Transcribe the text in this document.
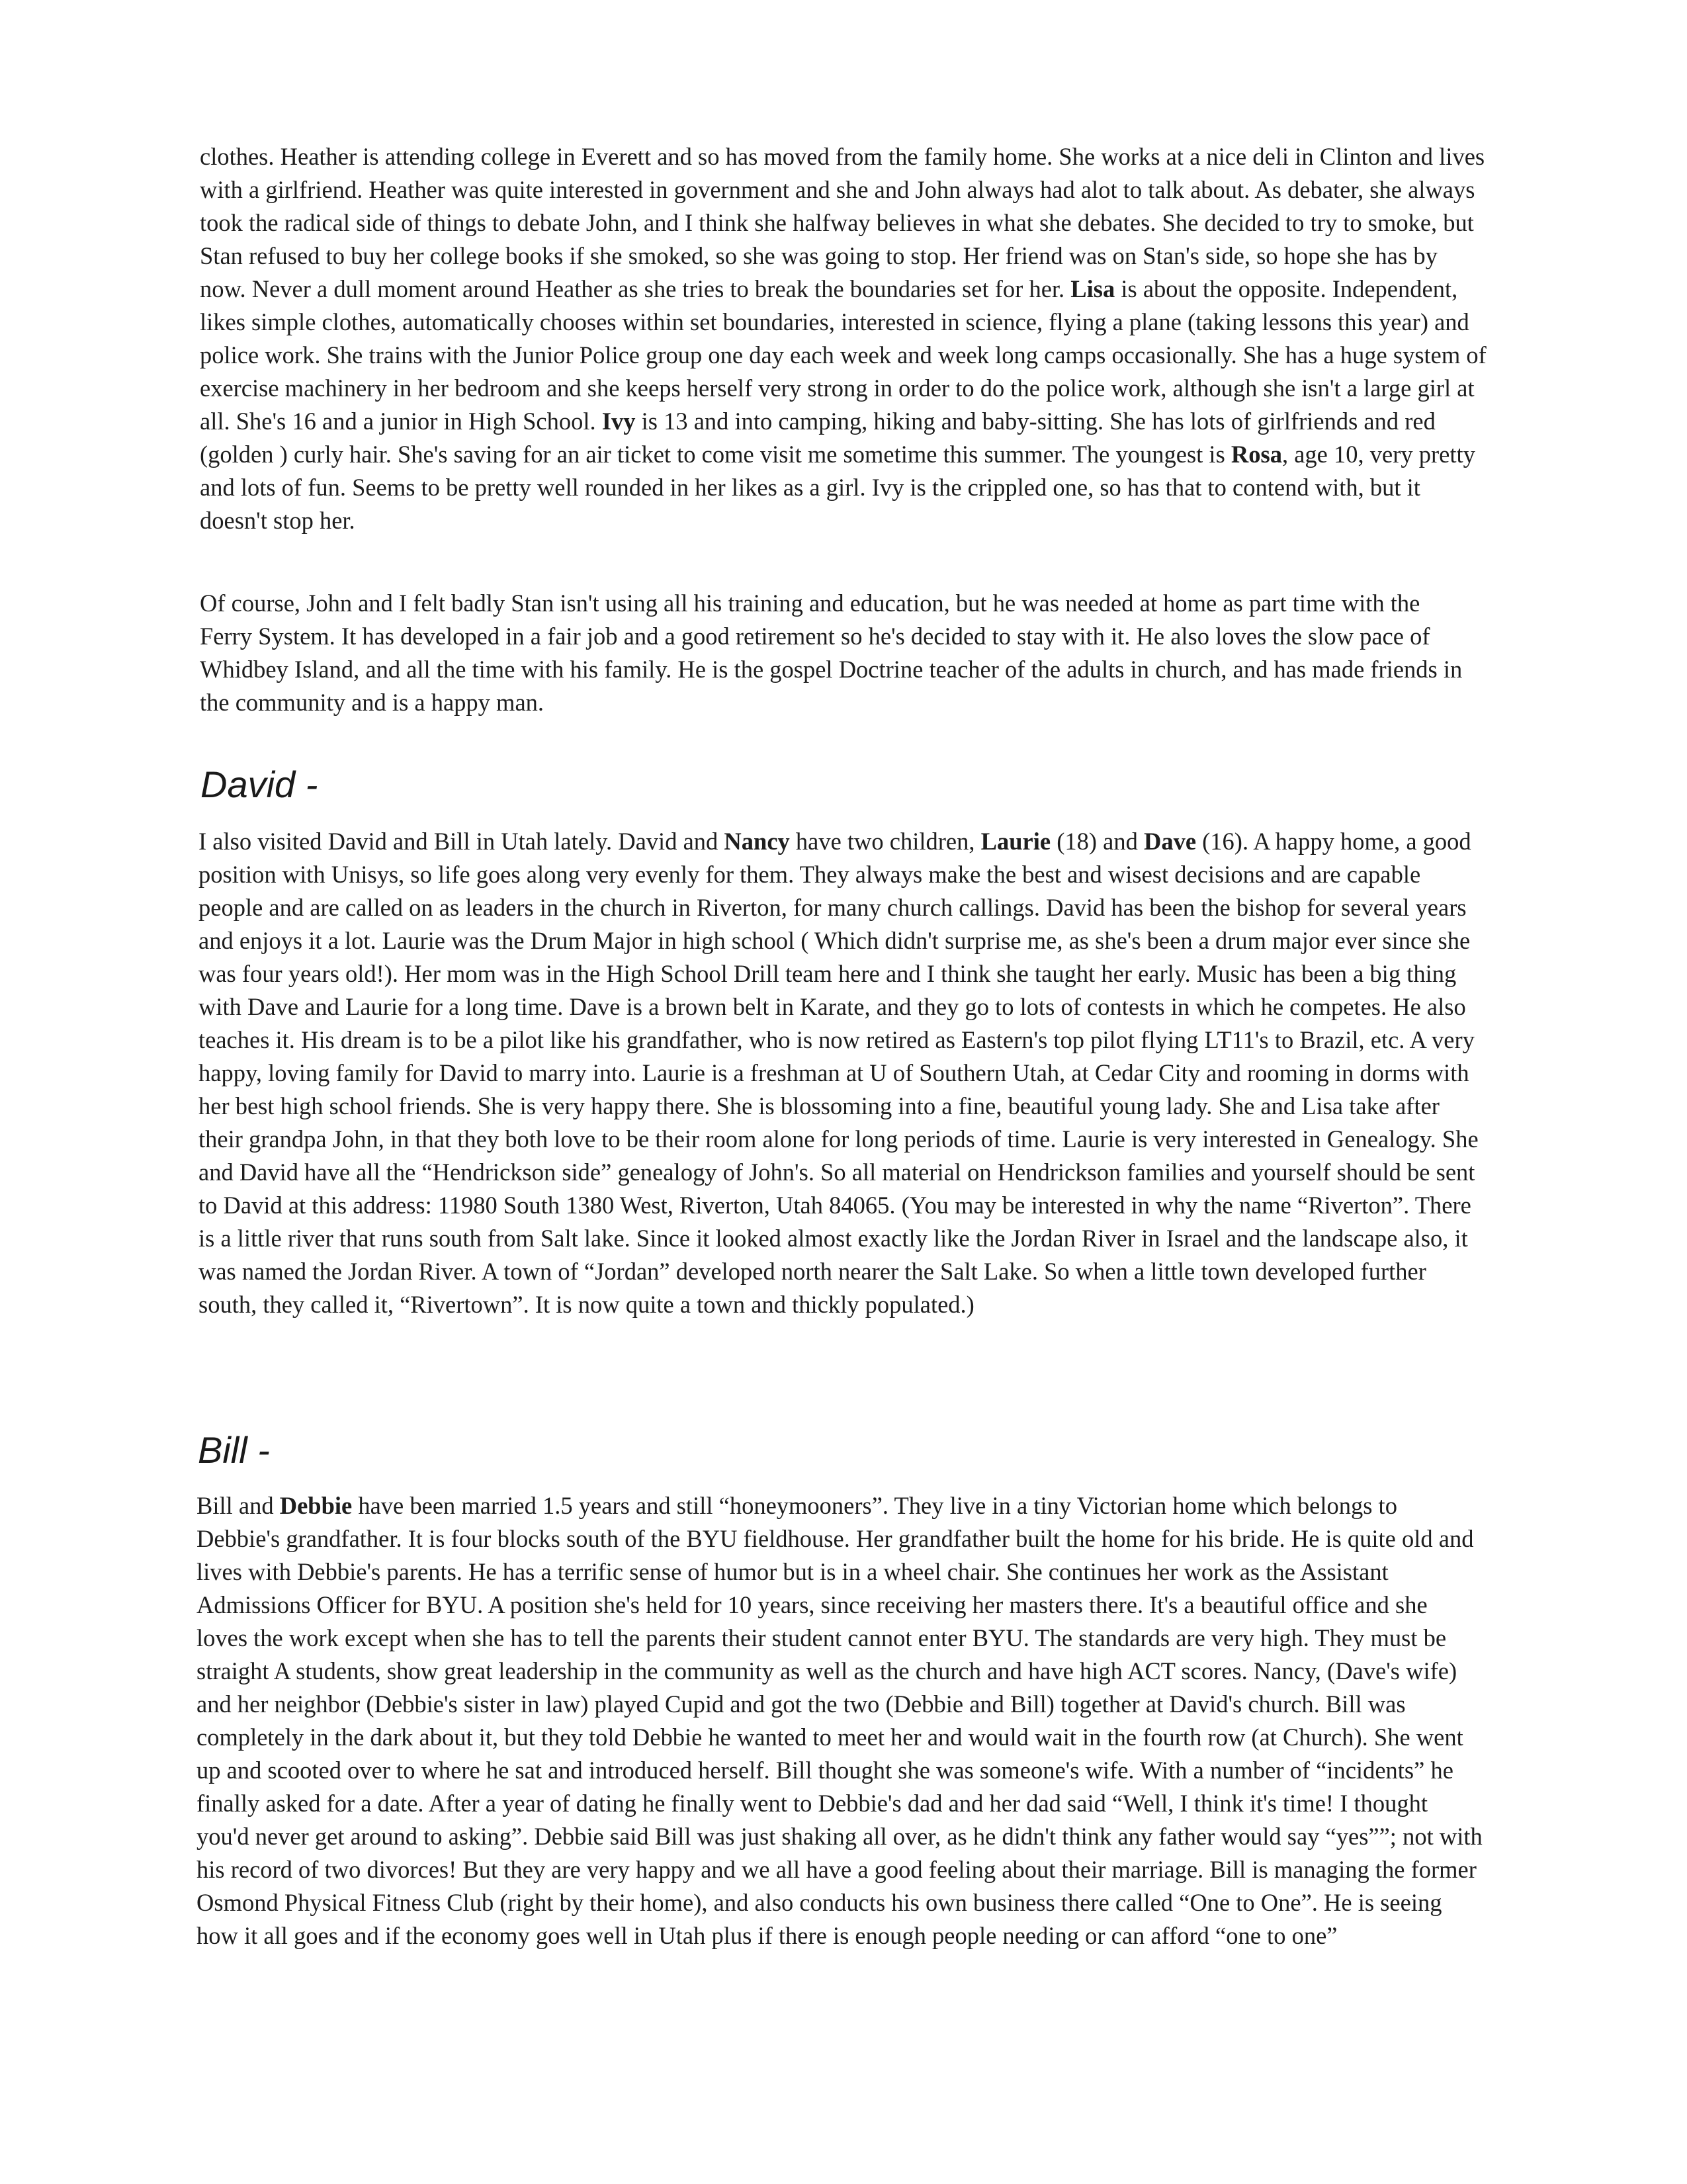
clothes. Heather is attending college in Everett and so has moved from the family home. She works at a nice deli in Clinton and lives with a girlfriend. Heather was quite interested in government and she and John always had alot to talk about. As debater, she always took the radical side of things to debate John, and I think she halfway believes in what she debates. She decided to try to smoke, but Stan refused to buy her college books if she smoked, so she was going to stop. Her friend was on Stan's side, so hope she has by now. Never a dull moment around Heather as she tries to break the boundaries set for her. Lisa is about the opposite. Independent, likes simple clothes, automatically chooses within set boundaries, interested in science, flying a plane (taking lessons this year) and police work. She trains with the Junior Police group one day each week and week long camps occasionally. She has a huge system of exercise machinery in her bedroom and she keeps herself very strong in order to do the police work, although she isn't a large girl at all. She's 16 and a junior in High School. Ivy is 13 and into camping, hiking and baby-sitting. She has lots of girlfriends and red (golden ) curly hair. She's saving for an air ticket to come visit me sometime this summer. The youngest is Rosa, age 10, very pretty and lots of fun. Seems to be pretty well rounded in her likes as a girl. Ivy is the crippled one, so has that to contend with, but it doesn't stop her.

Of course, John and I felt badly Stan isn't using all his training and education, but he was needed at home as part time with the Ferry System. It has developed in a fair job and a good retirement so he's decided to stay with it. He also loves the slow pace of Whidbey Island, and all the time with his family. He is the gospel Doctrine teacher of the adults in church, and has made friends in the community and is a happy man.

David -

I also visited David and Bill in Utah lately. David and Nancy have two children, Laurie (18) and Dave (16). A happy home, a good position with Unisys, so life goes along very evenly for them. They always make the best and wisest decisions and are capable people and are called on as leaders in the church in Riverton, for many church callings. David has been the bishop for several years and enjoys it a lot. Laurie was the Drum Major in high school ( Which didn't surprise me, as she's been a drum major ever since she was four years old!). Her mom was in the High School Drill team here and I think she taught her early. Music has been a big thing with Dave and Laurie for a long time. Dave is a brown belt in Karate, and they go to lots of contests in which he competes. He also teaches it. His dream is to be a pilot like his grandfather, who is now retired as Eastern's top pilot flying LT11's to Brazil, etc. A very happy, loving family for David to marry into. Laurie is a freshman at U of Southern Utah, at Cedar City and rooming in dorms with her best high school friends. She is very happy there. She is blossoming into a fine, beautiful young lady. She and Lisa take after their grandpa John, in that they both love to be their room alone for long periods of time. Laurie is very interested in Genealogy. She and David have all the “Hendrickson side” genealogy of John's. So all material on Hendrickson families and yourself should be sent to David at this address: 11980 South 1380 West, Riverton, Utah 84065. (You may be interested in why the name “Riverton”. There is a little river that runs south from Salt lake. Since it looked almost exactly like the Jordan River in Israel and the landscape also, it was named the Jordan River. A town of “Jordan” developed north nearer the Salt Lake. So when a little town developed further south, they called it, “Rivertown”. It is now quite a town and thickly populated.)

Bill -

Bill and Debbie have been married 1.5 years and still “honeymooners”. They live in a tiny Victorian home which belongs to Debbie's grandfather. It is four blocks south of the BYU fieldhouse. Her grandfather built the home for his bride. He is quite old and lives with Debbie's parents. He has a terrific sense of humor but is in a wheel chair. She continues her work as the Assistant Admissions Officer for BYU. A position she's held for 10 years, since receiving her masters there. It's a beautiful office and she loves the work except when she has to tell the parents their student cannot enter BYU. The standards are very high. They must be straight A students, show great leadership in the community as well as the church and have high ACT scores. Nancy, (Dave's wife) and her neighbor (Debbie's sister in law) played Cupid and got the two (Debbie and Bill) together at David's church. Bill was completely in the dark about it, but they told Debbie he wanted to meet her and would wait in the fourth row (at Church). She went up and scooted over to where he sat and introduced herself. Bill thought she was someone's wife. With a number of “incidents” he finally asked for a date. After a year of dating he finally went to Debbie's dad and her dad said “Well, I think it's time! I thought you'd never get around to asking”. Debbie said Bill was just shaking all over, as he didn't think any father would say “yes””; not with his record of two divorces! But they are very happy and we all have a good feeling about their marriage. Bill is managing the former Osmond Physical Fitness Club (right by their home), and also conducts his own business there called “One to One”. He is seeing how it all goes and if the economy goes well in Utah plus if there is enough people needing or can afford “one to one”
